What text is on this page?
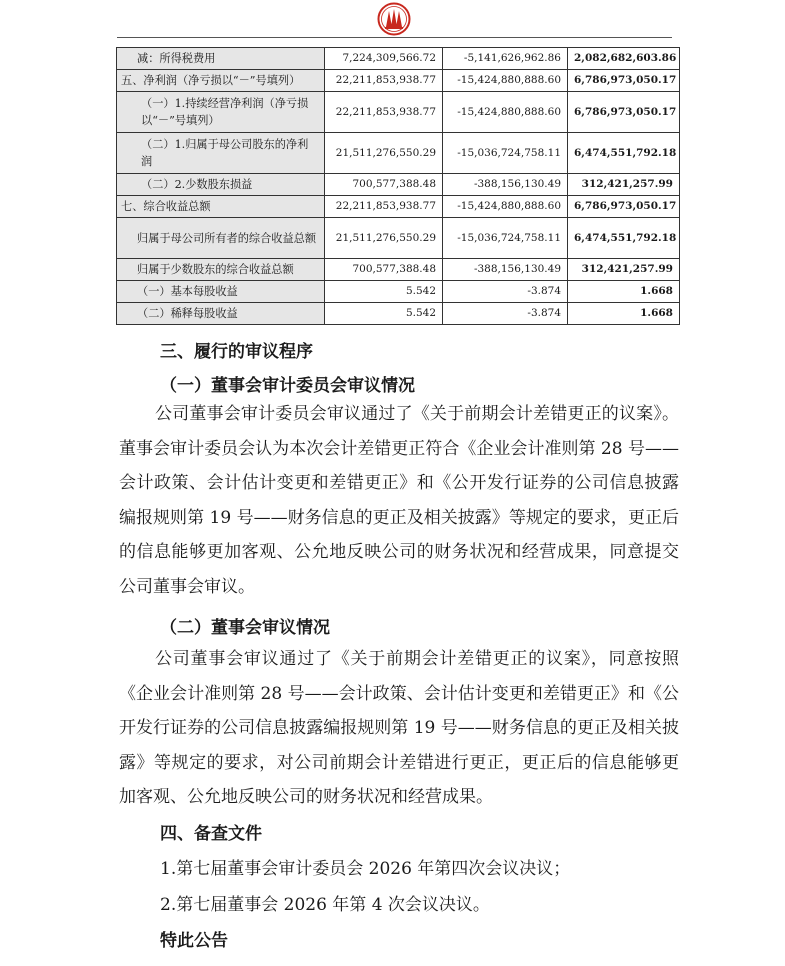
减：所得税费用	7,224,309,566.72	-5,141,626,962.86	2,082,682,603.86
五、净利润（净亏损以“－”号填列）	22,211,853,938.77	-15,424,880,888.60	6,786,973,050.17
（一）1.持续经营净利润（净亏损以“－”号填列）	22,211,853,938.77	-15,424,880,888.60	6,786,973,050.17
（二）1.归属于母公司股东的净利润	21,511,276,550.29	-15,036,724,758.11	6,474,551,792.18
（二）2.少数股东损益	700,577,388.48	-388,156,130.49	312,421,257.99
七、综合收益总额	22,211,853,938.77	-15,424,880,888.60	6,786,973,050.17
归属于母公司所有者的综合收益总额	21,511,276,550.29	-15,036,724,758.11	6,474,551,792.18
归属于少数股东的综合收益总额	700,577,388.48	-388,156,130.49	312,421,257.99
（一）基本每股收益	5.542	-3.874	1.668
（二）稀释每股收益	5.542	-3.874	1.668
三、履行的审议程序
（一）董事会审计委员会审议情况
公司董事会审计委员会审议通过了《关于前期会计差错更正的议案》。董事会审计委员会认为本次会计差错更正符合《企业会计准则第 28 号——会计政策、会计估计变更和差错更正》和《公开发行证券的公司信息披露编报规则第 19 号——财务信息的更正及相关披露》等规定的要求，更正后的信息能够更加客观、公允地反映公司的财务状况和经营成果，同意提交公司董事会审议。
（二）董事会审议情况
公司董事会审议通过了《关于前期会计差错更正的议案》，同意按照《企业会计准则第 28 号——会计政策、会计估计变更和差错更正》和《公开发行证券的公司信息披露编报规则第 19 号——财务信息的更正及相关披露》等规定的要求，对公司前期会计差错进行更正，更正后的信息能够更加客观、公允地反映公司的财务状况和经营成果。
四、备查文件
1.第七届董事会审计委员会 2026 年第四次会议决议；
2.第七届董事会 2026 年第 4 次会议决议。
特此公告
